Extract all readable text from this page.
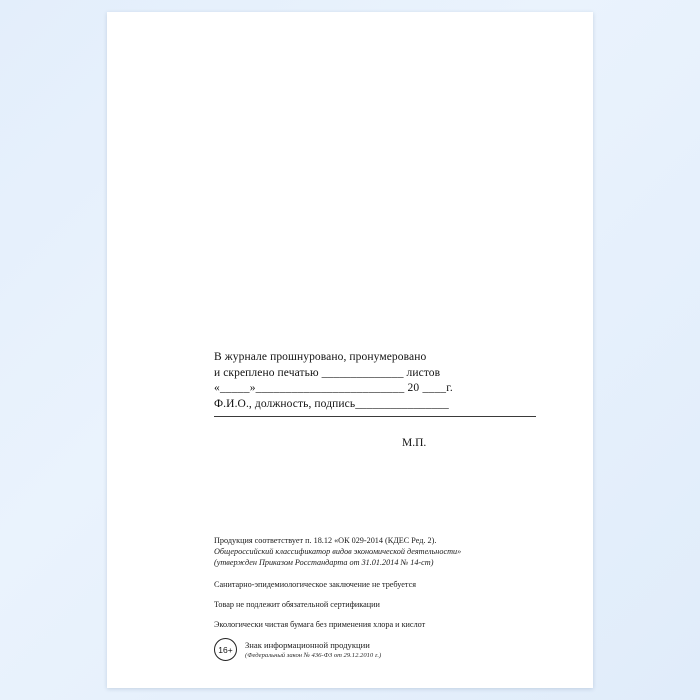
В журнале прошнуровано, пронумеровано
и скреплено печатью ______________ листов
«_____»_________________________ 20 ____г.
Ф.И.О., должность, подпись________________
М.П.

Продукция соответствует п. 18.12 «ОК 029-2014 (КДЕС Ред. 2).

Общероссийский классификатор видов экономической деятельности»

(утвержден Приказом Росстандарта от 31.01.2014 № 14-ст)

Санитарно-эпидемиологическое заключение не требуется

Товар не подлежит обязательной сертификации

Экологически чистая бумага без применения хлора и кислот

16+	Знак информационной продукции
(Федеральный закон № 436-ФЗ от 29.12.2010 г.)
